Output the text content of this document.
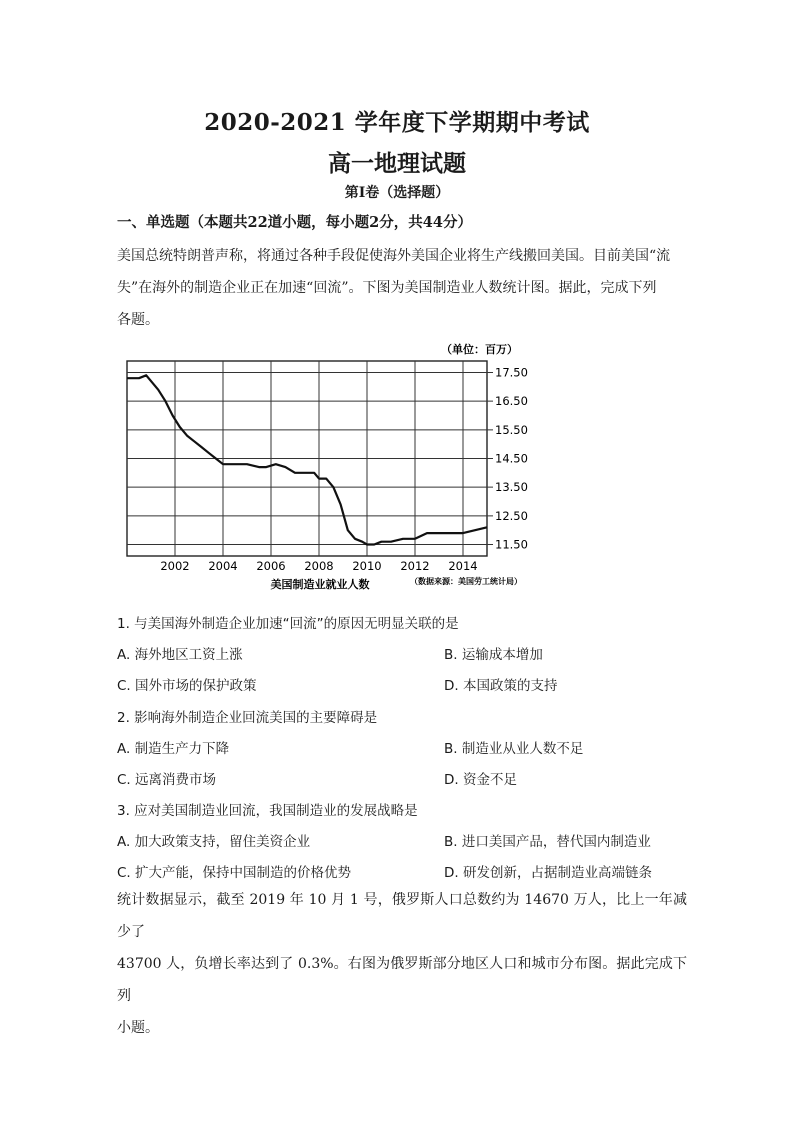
2020-2021 学年度下学期期中考试
高一地理试题
第Ⅰ卷（选择题）
一、单选题（本题共22道小题，每小题2分，共44分）
美国总统特朗普声称，将通过各种手段促使海外美国企业将生产线搬回美国。目前美国“流
失”在海外的制造企业正在加速“回流”。下图为美国制造业人数统计图。据此，完成下列
各题。
17.50
16.50
15.50
14.50
13.50
12.50
11.50
2002 2004 2006 2008 2010 2012 2014
（单位：百万）
美国制造业就业人数	（数据来源：美国劳工统计局）
1. 与美国海外制造企业加速“回流”的原因无明显关联的是
A. 海外地区工资上涨	B. 运输成本增加
C. 国外市场的保护政策	D. 本国政策的支持
2. 影响海外制造企业回流美国的主要障碍是
A. 制造生产力下降	B. 制造业从业人数不足
C. 远离消费市场	D. 资金不足
3. 应对美国制造业回流，我国制造业的发展战略是
A. 加大政策支持，留住美资企业	B. 进口美国产品，替代国内制造业
C. 扩大产能，保持中国制造的价格优势	D. 研发创新，占据制造业高端链条
统计数据显示，截至 2019 年 10 月 1 号，俄罗斯人口总数约为 14670 万人，比上一年减少了
43700 人，负增长率达到了 0.3%。右图为俄罗斯部分地区人口和城市分布图。据此完成下列
小题。
